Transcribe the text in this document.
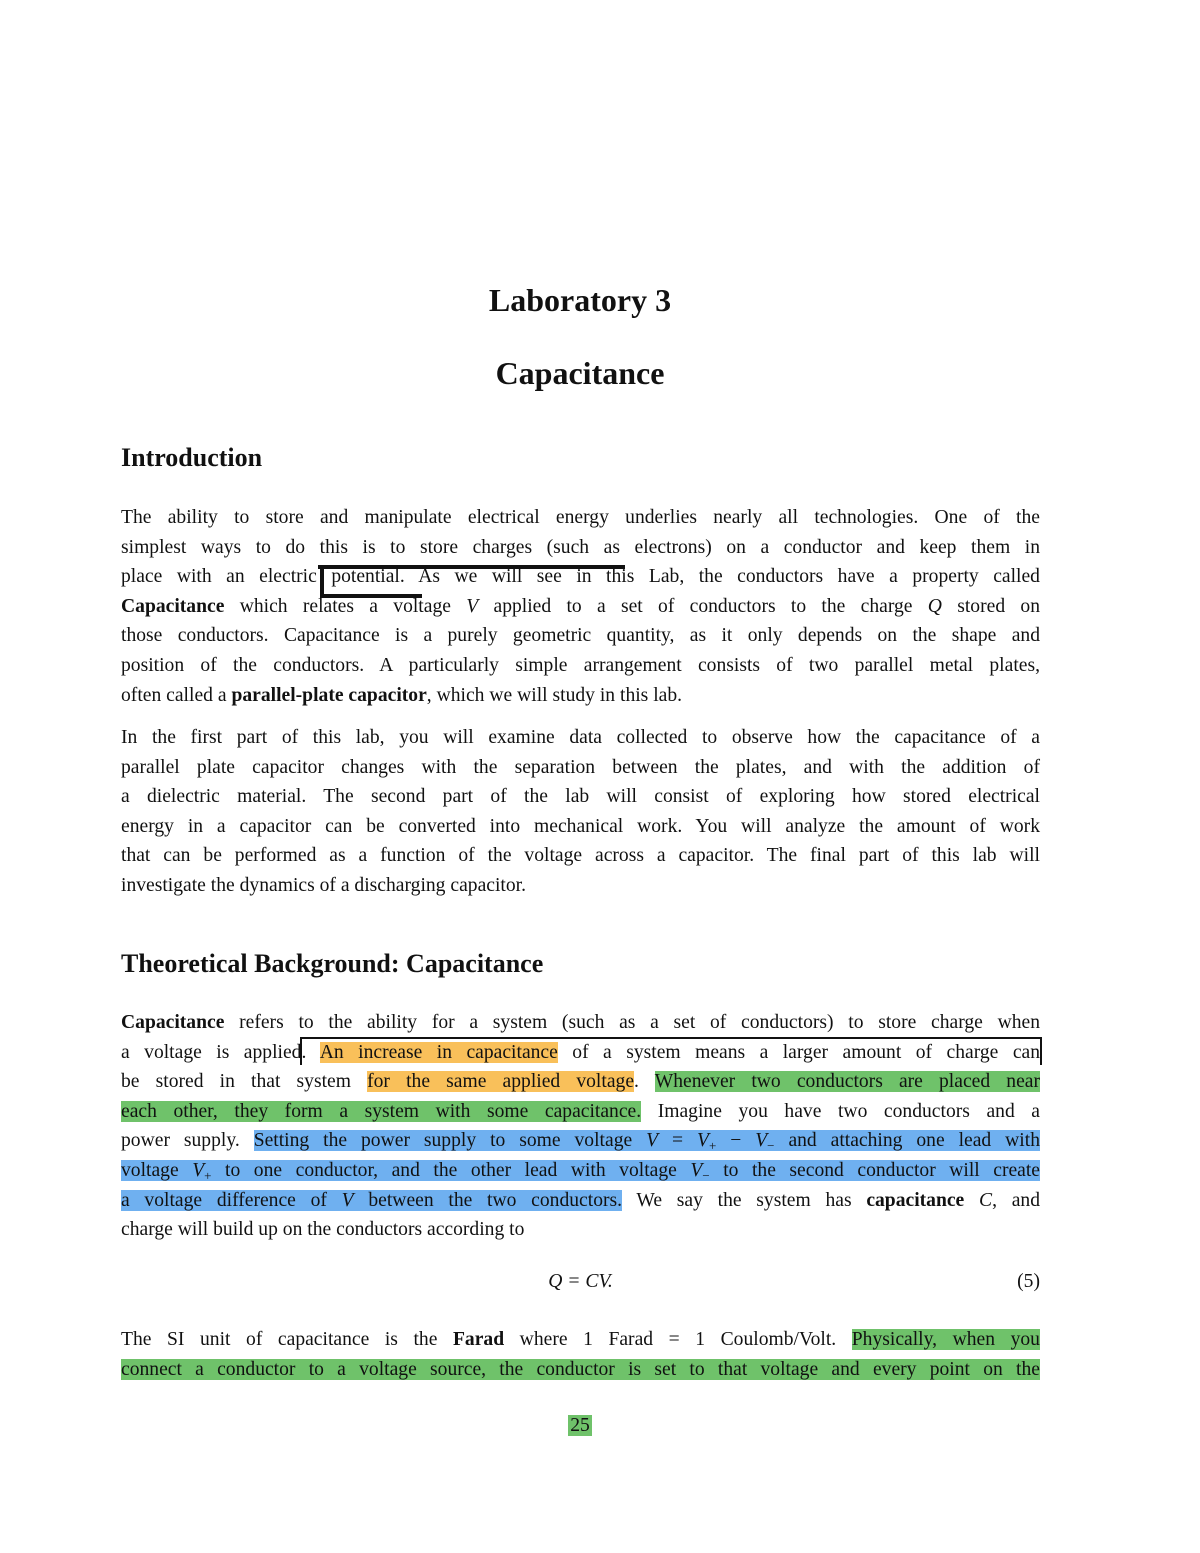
Laboratory 3
Capacitance
Introduction
The ability to store and manipulate electrical energy underlies nearly all technologies. One of the
simplest ways to do this is to store charges (such as electrons) on a conductor and keep them in
place with an electric potential. As we will see in this Lab, the conductors have a property called
Capacitance which relates a voltage V applied to a set of conductors to the charge Q stored on
those conductors. Capacitance is a purely geometric quantity, as it only depends on the shape and
position of the conductors. A particularly simple arrangement consists of two parallel metal plates,
often called a parallel-plate capacitor, which we will study in this lab.
In the first part of this lab, you will examine data collected to observe how the capacitance of a
parallel plate capacitor changes with the separation between the plates, and with the addition of
a dielectric material. The second part of the lab will consist of exploring how stored electrical
energy in a capacitor can be converted into mechanical work. You will analyze the amount of work
that can be performed as a function of the voltage across a capacitor. The final part of this lab will
investigate the dynamics of a discharging capacitor.
Theoretical Background: Capacitance
Capacitance refers to the ability for a system (such as a set of conductors) to store charge when
a voltage is applied. An increase in capacitance of a system means a larger amount of charge can
be stored in that system for the same applied voltage. Whenever two conductors are placed near
each other, they form a system with some capacitance. Imagine you have two conductors and a
power supply. Setting the power supply to some voltage $V = V_+ - V_-$ and attaching one lead with
voltage $V_+$ to one conductor, and the other lead with voltage $V_-$ to the second conductor will create
a voltage difference of V between the two conductors. We say the system has capacitance C, and
charge will build up on the conductors according to
Q = CV.	(5)
The SI unit of capacitance is the Farad where 1 Farad = 1 Coulomb/Volt. Physically, when you
connect a conductor to a voltage source, the conductor is set to that voltage and every point on the
25
